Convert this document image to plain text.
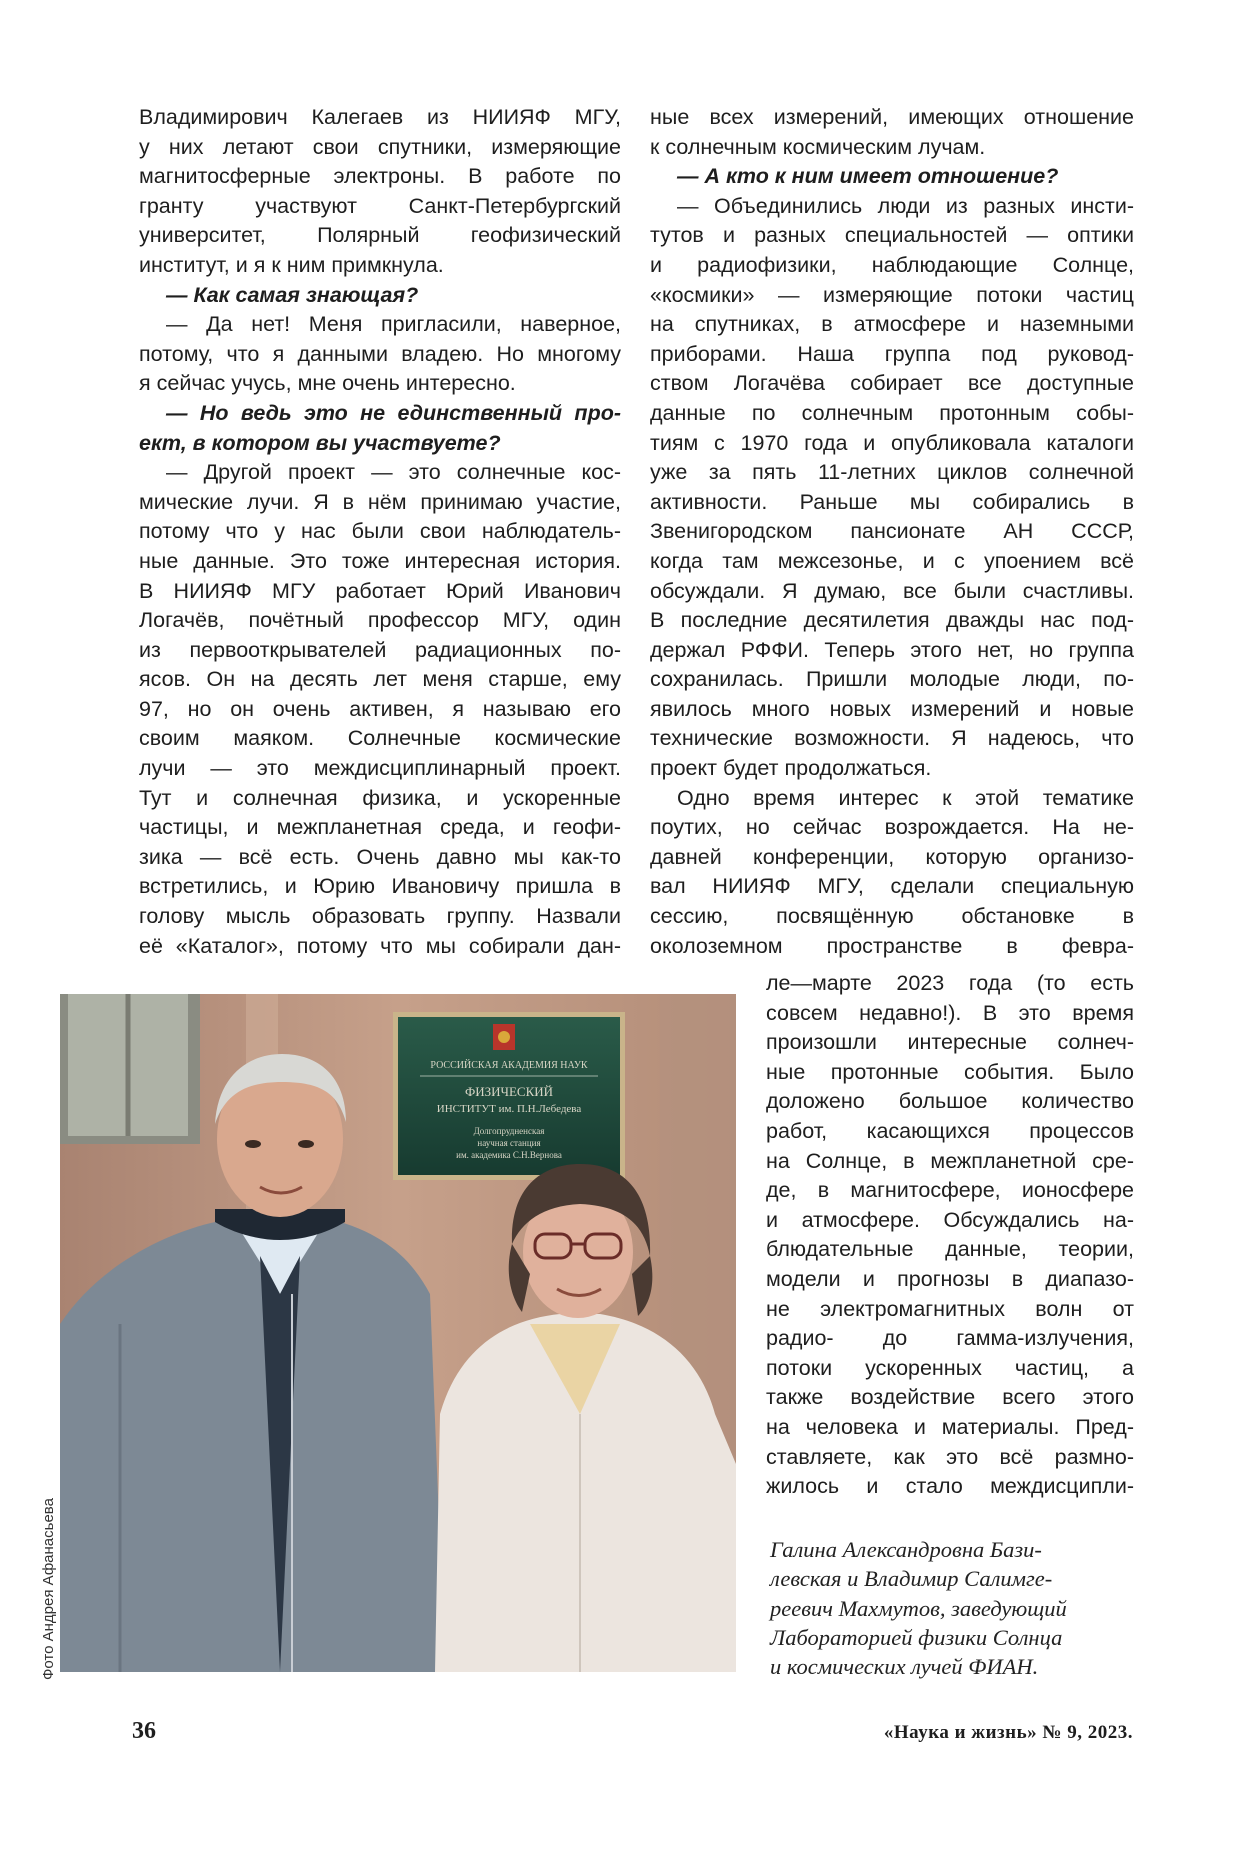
Владимирович Калегаев из НИИЯФ МГУ,

у них летают свои спутники, измеряющие

магнитосферные электроны. В работе по

гранту участвуют Санкт-Петербургский

университет, Полярный геофизический

институт, и я к ним примкнула.

— Как самая знающая?

— Да нет! Меня пригласили, наверное,

потому, что я данными владею. Но многому

я сейчас учусь, мне очень интересно.

— Но ведь это не единственный про-

ект, в котором вы участвуете?

— Другой проект — это солнечные кос-

мические лучи. Я в нём принимаю участие,

потому что у нас были свои наблюдатель-

ные данные. Это тоже интересная история.

В НИИЯФ МГУ работает Юрий Иванович

Логачёв, почётный профессор МГУ, один

из первооткрывателей радиационных по-

ясов. Он на десять лет меня старше, ему

97, но он очень активен, я называю его

своим маяком. Солнечные космические

лучи — это междисциплинарный проект.

Тут и солнечная физика, и ускоренные

частицы, и межпланетная среда, и геофи-

зика — всё есть. Очень давно мы как-то

встретились, и Юрию Ивановичу пришла в

голову мысль образовать группу. Назвали

её «Каталог», потому что мы собирали дан-

ные всех измерений, имеющих отношение

к солнечным космическим лучам.

— А кто к ним имеет отношение?

— Объединились люди из разных инсти-

тутов и разных специальностей — оптики

и радиофизики, наблюдающие Солнце,

«космики» — измеряющие потоки частиц

на спутниках, в атмосфере и наземными

приборами. Наша группа под руковод-

ством Логачёва собирает все доступные

данные по солнечным протонным собы-

тиям с 1970 года и опубликовала каталоги

уже за пять 11-летних циклов солнечной

активности. Раньше мы собирались в

Звенигородском пансионате АН СССР,

когда там межсезонье, и с упоением всё

обсуждали. Я думаю, все были счастливы.

В последние десятилетия дважды нас под-

держал РФФИ. Теперь этого нет, но группа

сохранилась. Пришли молодые люди, по-

явилось много новых измерений и новые

технические возможности. Я надеюсь, что

проект будет продолжаться.

Одно время интерес к этой тематике

поутих, но сейчас возрождается. На не-

давней конференции, которую организо-

вал НИИЯФ МГУ, сделали специальную

сессию, посвящённую обстановке в

околоземном пространстве в февра-

ле—марте 2023 года (то есть

совсем недавно!). В это время

произошли интересные солнеч-

ные протонные события. Было

доложено большое количество

работ, касающихся процессов

на Солнце, в межпланетной сре-

де, в магнитосфере, ионосфере

и атмосфере. Обсуждались на-

блюдательные данные, теории,

модели и прогнозы в диапазо-

не электромагнитных волн от

радио- до гамма-излучения,

потоки ускоренных частиц, а

также воздействие всего этого

на человека и материалы. Пред-

ставляете, как это всё размно-

жилось и стало междисципли-

РОССИЙСКАЯ АКАДЕМИЯ НАУК
ФИЗИЧЕСКИЙ
ИНСТИТУТ им. П.Н.Лебедева
Долгопрудненская
научная станция
им. академика С.Н.Вернова
Фото Андрея Афанасьева	Галина Александровна Бази-

левская и Владимир Салимге-

реевич Махмутов, заведующий

Лабораторией физики Солнца

и космических лучей ФИАН.

36	«Наука и жизнь» № 9, 2023.
